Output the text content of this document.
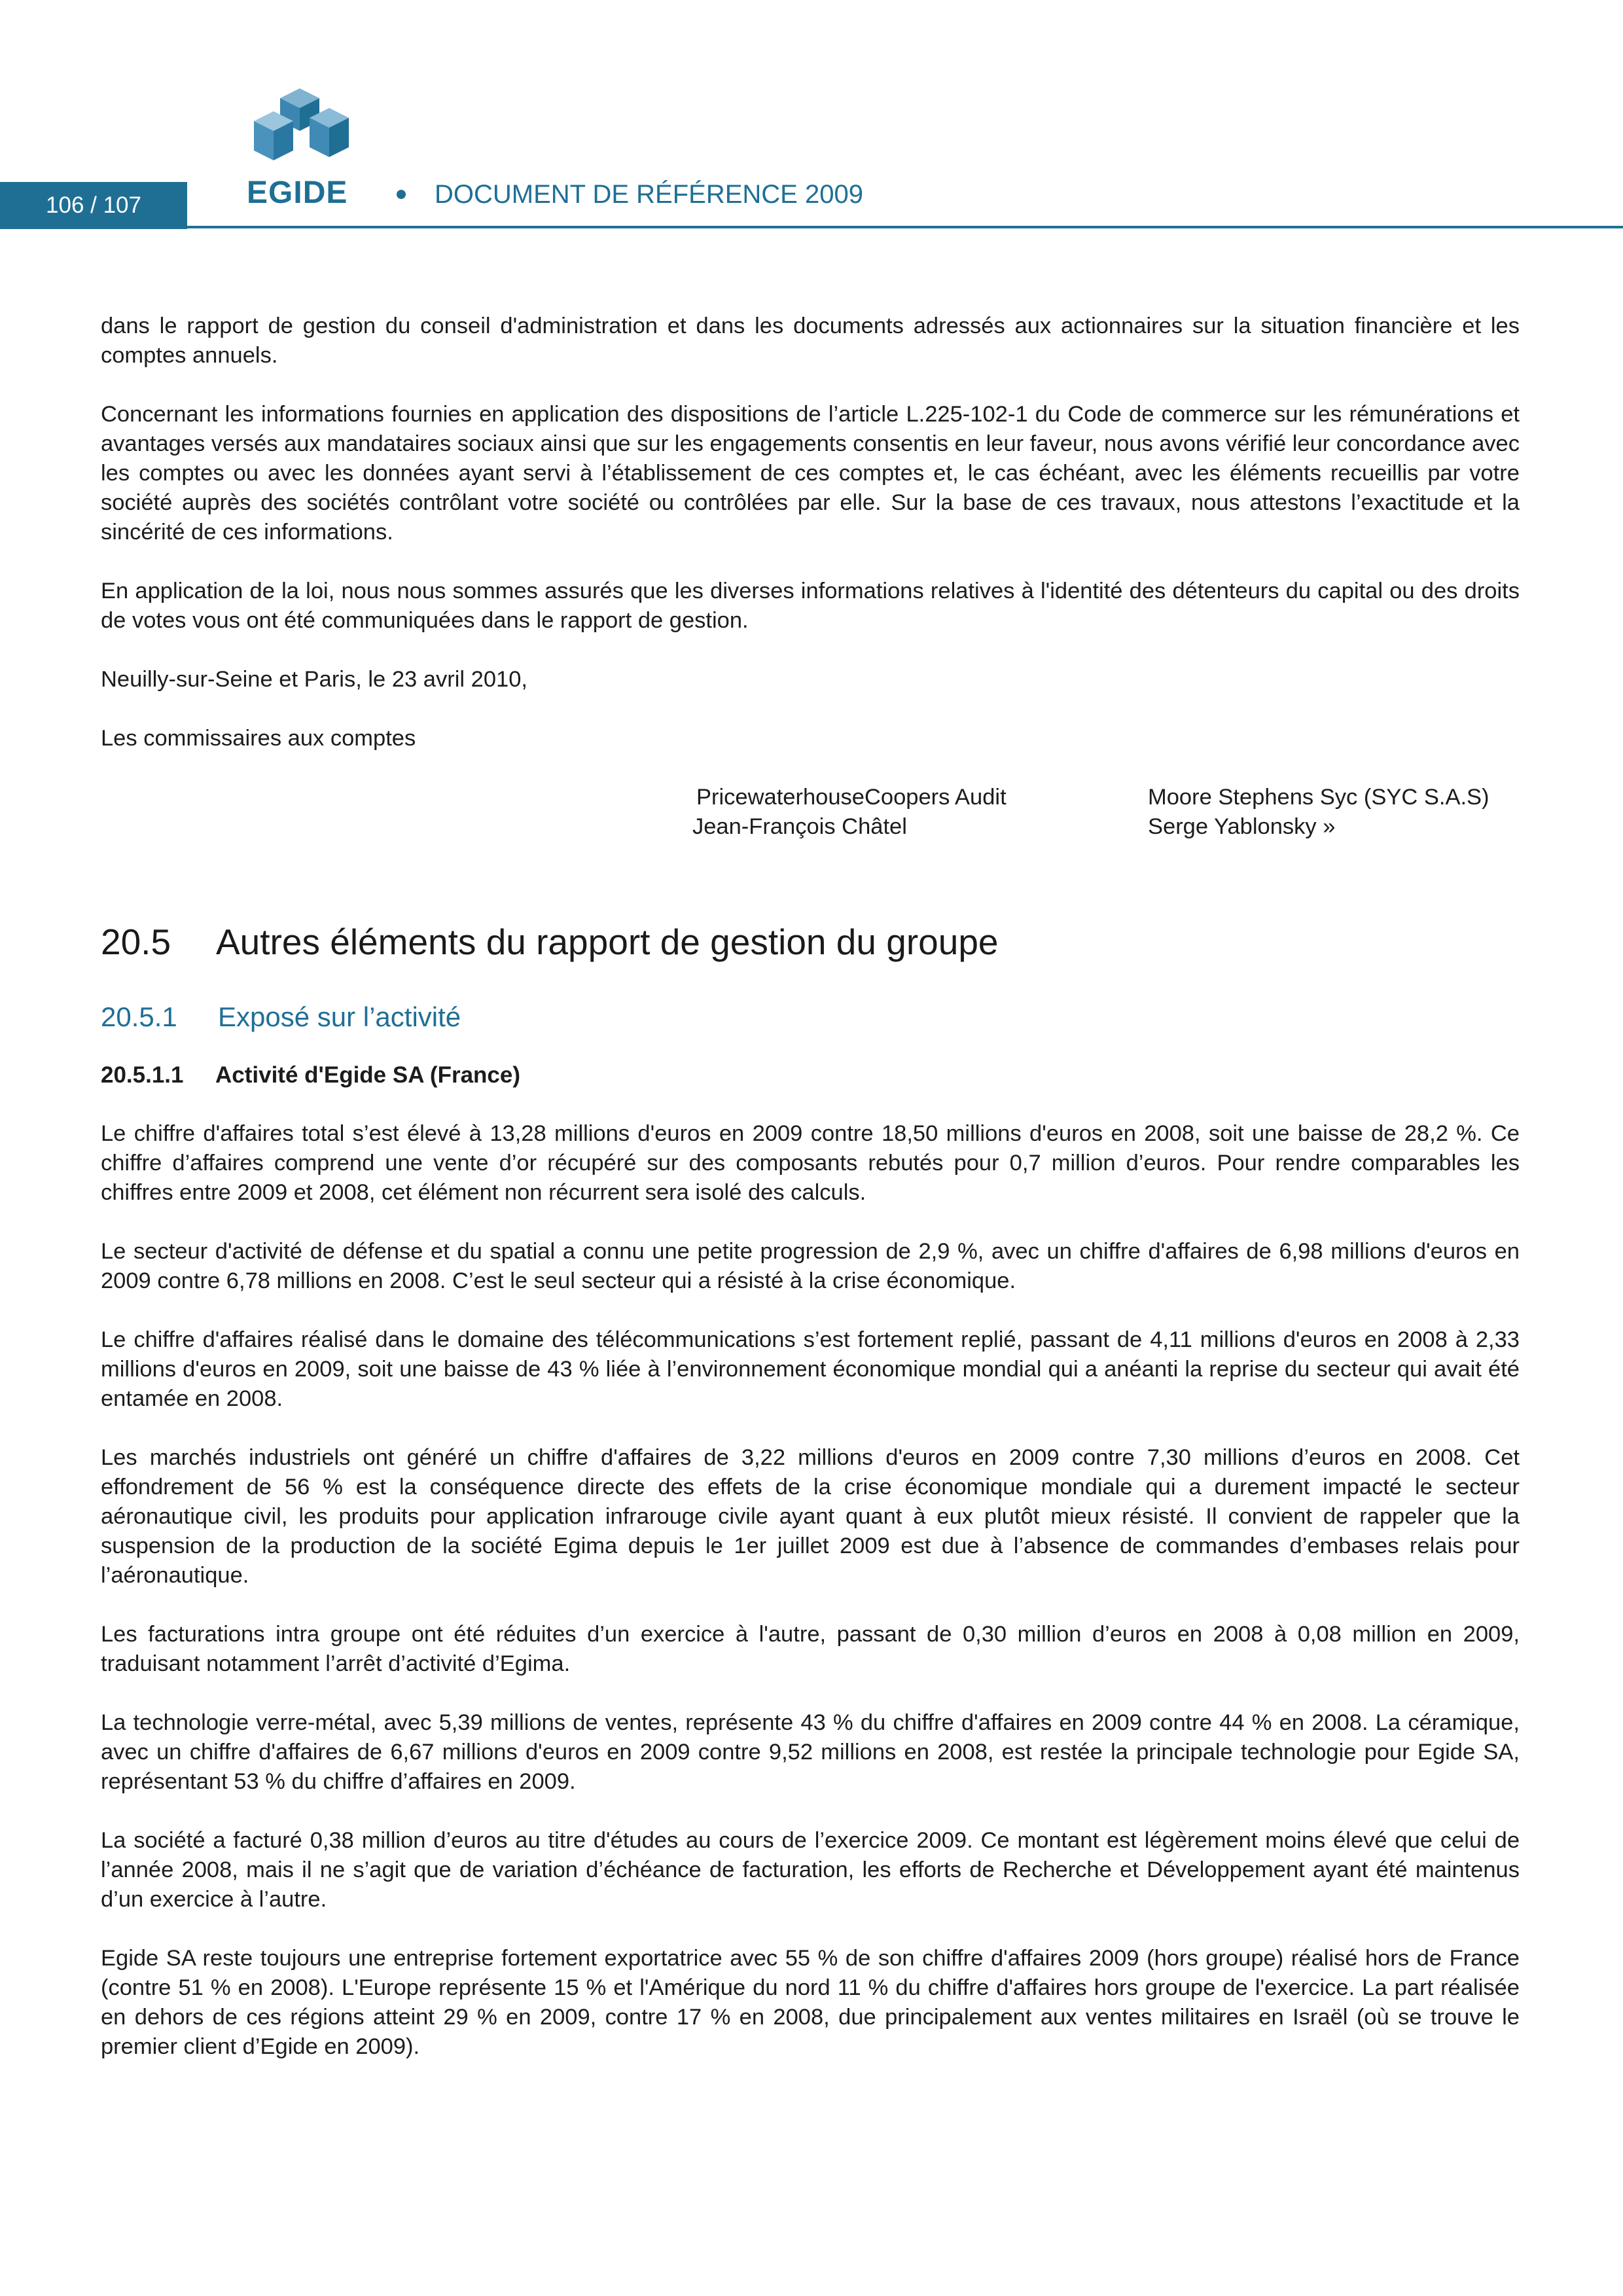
106 / 107	EGIDE	DOCUMENT DE RÉFÉRENCE 2009

dans le rapport de gestion du conseil d'administration et dans les documents adressés aux actionnaires sur la situation financière et les comptes annuels.

Concernant les informations fournies en application des dispositions de l’article L.225-102-1 du Code de commerce sur les rémunérations et avantages versés aux mandataires sociaux ainsi que sur les engagements consentis en leur faveur, nous avons vérifié leur concordance avec les comptes ou avec les données ayant servi à l’établissement de ces comptes et, le cas échéant, avec les éléments recueillis par votre société auprès des sociétés contrôlant votre société ou contrôlées par elle. Sur la base de ces travaux, nous attestons l’exactitude et la sincérité de ces informations.

En application de la loi, nous nous sommes assurés que les diverses informations relatives à l'identité des détenteurs du capital ou des droits de votes vous ont été communiquées dans le rapport de gestion.

Neuilly-sur-Seine et Paris, le 23 avril 2010,

Les commissaires aux comptes

PricewaterhouseCoopers Audit
Jean-François Châtel
Moore Stephens Syc (SYC S.A.S)
Serge Yablonsky »
20.5	Autres éléments du rapport de gestion du groupe
20.5.1	Exposé sur l’activité
20.5.1.1	Activité d'Egide SA (France)

Le chiffre d'affaires total s’est élevé à 13,28 millions d'euros en 2009 contre 18,50 millions d'euros en 2008, soit une baisse de 28,2 %. Ce chiffre d’affaires comprend une vente d’or récupéré sur des composants rebutés pour 0,7 million d’euros. Pour rendre comparables les chiffres entre 2009 et 2008, cet élément non récurrent sera isolé des calculs.

Le secteur d'activité de défense et du spatial a connu une petite progression de 2,9 %, avec un chiffre d'affaires de 6,98 millions d'euros en 2009 contre 6,78 millions en 2008. C’est le seul secteur qui a résisté à la crise économique.

Le chiffre d'affaires réalisé dans le domaine des télécommunications s’est fortement replié, passant de 4,11 millions d'euros en 2008 à 2,33 millions d'euros en 2009, soit une baisse de 43 % liée à l’environnement économique mondial qui a anéanti la reprise du secteur qui avait été entamée en 2008.

Les marchés industriels ont généré un chiffre d'affaires de 3,22 millions d'euros en 2009 contre 7,30 millions d’euros en 2008. Cet effondrement de 56 % est la conséquence directe des effets de la crise économique mondiale qui a durement impacté le secteur aéronautique civil, les produits pour application infrarouge civile ayant quant à eux plutôt mieux résisté. Il convient de rappeler que la suspension de la production de la société Egima depuis le 1er juillet 2009 est due à l’absence de commandes d’embases relais pour l’aéronautique.

Les facturations intra groupe ont été réduites d’un exercice à l'autre, passant de 0,30 million d’euros en 2008 à 0,08 million en 2009, traduisant notamment l’arrêt d’activité d’Egima.

La technologie verre-métal, avec 5,39 millions de ventes, représente 43 % du chiffre d'affaires en 2009 contre 44 % en 2008. La céramique, avec un chiffre d'affaires de 6,67 millions d'euros en 2009 contre 9,52 millions en 2008, est restée la principale technologie pour Egide SA, représentant 53 % du chiffre d’affaires en 2009.

La société a facturé 0,38 million d’euros au titre d'études au cours de l’exercice 2009. Ce montant est légèrement moins élevé que celui de l’année 2008, mais il ne s’agit que de variation d’échéance de facturation, les efforts de Recherche et Développement ayant été maintenus d’un exercice à l’autre.

Egide SA reste toujours une entreprise fortement exportatrice avec 55 % de son chiffre d'affaires 2009 (hors groupe) réalisé hors de France (contre 51 % en 2008). L'Europe représente 15 % et l'Amérique du nord 11 % du chiffre d'affaires hors groupe de l'exercice. La part réalisée en dehors de ces régions atteint 29 % en 2009, contre 17 % en 2008, due principalement aux ventes militaires en Israël (où se trouve le premier client d’Egide en 2009).
